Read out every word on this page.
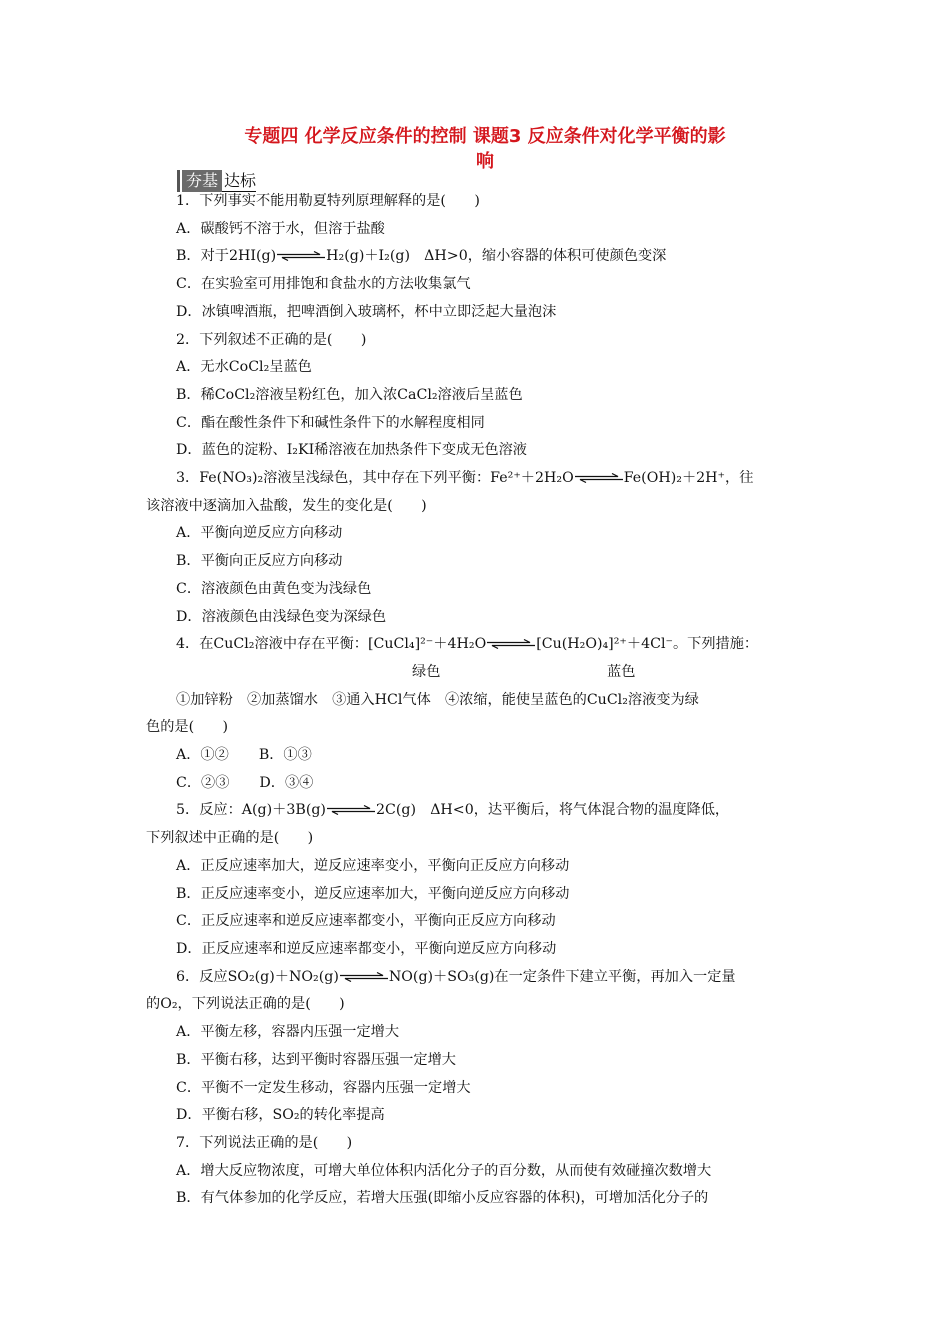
专题四 化学反应条件的控制 课题3 反应条件对化学平衡的影
响
夯基 达标

1．下列事实不能用勒夏特列原理解释的是(　　)

A．碳酸钙不溶于水，但溶于盐酸

B．对于2HI(g)⇌H₂(g)＋I₂(g)　ΔH>0，缩小容器的体积可使颜色变深

C．在实验室可用排饱和食盐水的方法收集氯气

D．冰镇啤酒瓶，把啤酒倒入玻璃杯，杯中立即泛起大量泡沫

2．下列叙述不正确的是(　　)

A．无水CoCl₂呈蓝色

B．稀CoCl₂溶液呈粉红色，加入浓CaCl₂溶液后呈蓝色

C．酯在酸性条件下和碱性条件下的水解程度相同

D．蓝色的淀粉、I₂KI稀溶液在加热条件下变成无色溶液

3．Fe(NO₃)₂溶液呈浅绿色，其中存在下列平衡：Fe²⁺＋2H₂O⇌Fe(OH)₂＋2H⁺，往

该溶液中逐滴加入盐酸，发生的变化是(　　)

A．平衡向逆反应方向移动

B．平衡向正反应方向移动

C．溶液颜色由黄色变为浅绿色

D．溶液颜色由浅绿色变为深绿色

4．在CuCl₂溶液中存在平衡：[CuCl₄]²⁻＋4H₂O⇌[Cu(H₂O)₄]²⁺＋4Cl⁻。下列措施：

绿色	蓝色

①加锌粉　②加蒸馏水　③通入HCl气体　④浓缩，能使呈蓝色的CuCl₂溶液变为绿

色的是(　　)

A．①② B．①③

C．②③ D．③④

5．反应：A(g)＋3B(g)⇌2C(g)　ΔH<0，达平衡后，将气体混合物的温度降低，

下列叙述中正确的是(　　)

A．正反应速率加大，逆反应速率变小，平衡向正反应方向移动

B．正反应速率变小，逆反应速率加大，平衡向逆反应方向移动

C．正反应速率和逆反应速率都变小，平衡向正反应方向移动

D．正反应速率和逆反应速率都变小，平衡向逆反应方向移动

6．反应SO₂(g)＋NO₂(g)⇌NO(g)＋SO₃(g)在一定条件下建立平衡，再加入一定量

的O₂，下列说法正确的是(　　)

A．平衡左移，容器内压强一定增大

B．平衡右移，达到平衡时容器压强一定增大

C．平衡不一定发生移动，容器内压强一定增大

D．平衡右移，SO₂的转化率提高

7．下列说法正确的是(　　)

A．增大反应物浓度，可增大单位体积内活化分子的百分数，从而使有效碰撞次数增大

B．有气体参加的化学反应，若增大压强(即缩小反应容器的体积)，可增加活化分子的
